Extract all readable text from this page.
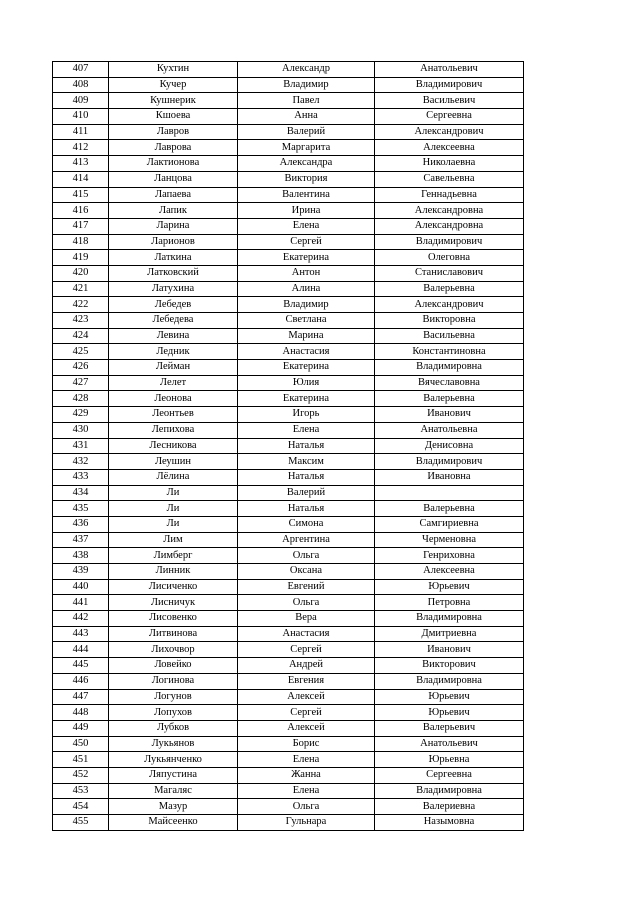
407	Кухтин	Александр	Анатольевич
408	Кучер	Владимир	Владимирович
409	Кушнерик	Павел	Васильевич
410	Кшоева	Анна	Сергеевна
411	Лавров	Валерий	Александрович
412	Лаврова	Маргарита	Алексеевна
413	Лактионова	Александра	Николаевна
414	Ланцова	Виктория	Савельевна
415	Лапаева	Валентина	Геннадьевна
416	Лапик	Ирина	Александровна
417	Ларина	Елена	Александровна
418	Ларионов	Сергей	Владимирович
419	Латкина	Екатерина	Олеговна
420	Латковский	Антон	Станиславович
421	Латухина	Алина	Валерьевна
422	Лебедев	Владимир	Александрович
423	Лебедева	Светлана	Викторовна
424	Левина	Марина	Васильевна
425	Ледник	Анастасия	Константиновна
426	Лейман	Екатерина	Владимировна
427	Лелет	Юлия	Вячеславовна
428	Леонова	Екатерина	Валерьевна
429	Леонтьев	Игорь	Иванович
430	Лепихова	Елена	Анатольевна
431	Лесникова	Наталья	Денисовна
432	Леушин	Максим	Владимирович
433	Лёлина	Наталья	Ивановна
434	Ли	Валерий	
435	Ли	Наталья	Валерьевна
436	Ли	Симона	Самгириевна
437	Лим	Аргентина	Черменовна
438	Лимберг	Ольга	Генриховна
439	Линник	Оксана	Алексеевна
440	Лисиченко	Евгений	Юрьевич
441	Лисничук	Ольга	Петровна
442	Лисовенко	Вера	Владимировна
443	Литвинова	Анастасия	Дмитриевна
444	Лихочвор	Сергей	Иванович
445	Ловейко	Андрей	Викторович
446	Логинова	Евгения	Владимировна
447	Логунов	Алексей	Юрьевич
448	Лопухов	Сергей	Юрьевич
449	Лубков	Алексей	Валерьевич
450	Лукьянов	Борис	Анатольевич
451	Лукьянченко	Елена	Юрьевна
452	Ляпустина	Жанна	Сергеевна
453	Магаляс	Елена	Владимировна
454	Мазур	Ольга	Валериевна
455	Майсеенко	Гульнара	Назымовна
